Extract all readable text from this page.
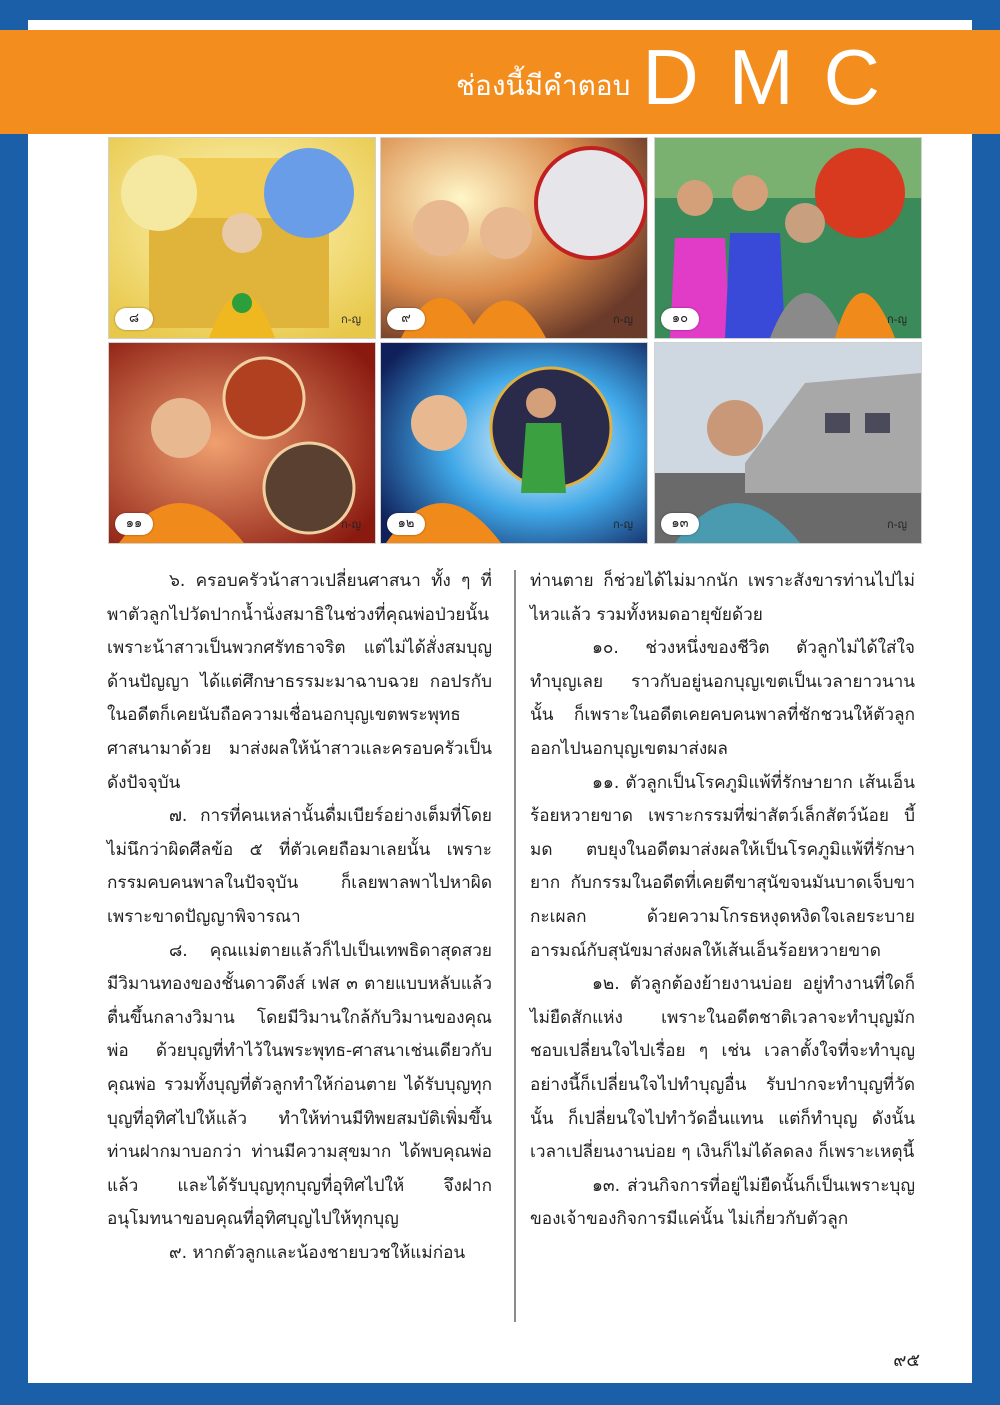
ช่องนี้มีคำตอบ DMC
๘	ก-ญ	๙	ก-ญ	๑๐	ก-ญ
๑๑	ก-ญ	๑๒	ก-ญ	๑๓	ก-ญ

๖. ครอบครัวน้าสาวเปลี่ยนศาสนา ทั้ง ๆ ที่พาตัวลูกไปวัดปากน้ำนั่งสมาธิในช่วงที่คุณพ่อป่วยนั้น เพราะน้าสาวเป็นพวกศรัทธาจริต แต่ไม่ได้สั่งสมบุญด้านปัญญา ได้แต่ศึกษาธรรมะมาฉาบฉวย กอปรกับในอดีตก็เคยนับถือความเชื่อนอกบุญเขตพระพุทธศาสนามาด้วย มาส่งผลให้น้าสาวและครอบครัวเป็นดังปัจจุบัน

๗. การที่คนเหล่านั้นดื่มเบียร์อย่างเต็มที่โดยไม่นึกว่าผิดศีลข้อ ๕ ที่ตัวเคยถือมาเลยนั้น เพราะกรรมคบคนพาลในปัจจุบัน ก็เลยพาลพาไปหาผิด เพราะขาดปัญญาพิจารณา

๘. คุณแม่ตายแล้วก็ไปเป็นเทพธิดาสุดสวย มีวิมานทองของชั้นดาวดึงส์ เฟส ๓ ตายแบบหลับแล้วตื่นขึ้นกลางวิมาน โดยมีวิมานใกล้กับวิมานของคุณพ่อ ด้วยบุญที่ทำไว้ในพระพุทธ-ศาสนาเช่นเดียวกับคุณพ่อ รวมทั้งบุญที่ตัวลูกทำให้ก่อนตาย ได้รับบุญทุกบุญที่อุทิศไปให้แล้ว ทำให้ท่านมีทิพยสมบัติเพิ่มขึ้น ท่านฝากมาบอกว่า ท่านมีความสุขมาก ได้พบคุณพ่อแล้ว และได้รับบุญทุกบุญที่อุทิศไปให้ จึงฝากอนุโมทนาขอบคุณที่อุทิศบุญไปให้ทุกบุญ

๙. หากตัวลูกและน้องชายบวชให้แม่ก่อน

ท่านตาย ก็ช่วยได้ไม่มากนัก เพราะสังขารท่านไปไม่ไหวแล้ว รวมทั้งหมดอายุขัยด้วย

๑๐. ช่วงหนึ่งของชีวิต ตัวลูกไม่ได้ใส่ใจทำบุญเลย ราวกับอยู่นอกบุญเขตเป็นเวลายาวนานนั้น ก็เพราะในอดีตเคยคบคนพาลที่ชักชวนให้ตัวลูกออกไปนอกบุญเขตมาส่งผล

๑๑. ตัวลูกเป็นโรคภูมิแพ้ที่รักษายาก เส้นเอ็นร้อยหวายขาด เพราะกรรมที่ฆ่าสัตว์เล็กสัตว์น้อย บี้มด ตบยุงในอดีตมาส่งผลให้เป็นโรคภูมิแพ้ที่รักษายาก กับกรรมในอดีตที่เคยตีขาสุนัขจนมันบาดเจ็บขากะเผลก ด้วยความโกรธหงุดหงิดใจเลยระบายอารมณ์กับสุนัขมาส่งผลให้เส้นเอ็นร้อยหวายขาด

๑๒. ตัวลูกต้องย้ายงานบ่อย อยู่ทำงานที่ใดก็ไม่ยืดสักแห่ง เพราะในอดีตชาติเวลาจะทำบุญมักชอบเปลี่ยนใจไปเรื่อย ๆ เช่น เวลาตั้งใจที่จะทำบุญอย่างนี้ก็เปลี่ยนใจไปทำบุญอื่น รับปากจะทำบุญที่วัดนั้น ก็เปลี่ยนใจไปทำวัดอื่นแทน แต่ก็ทำบุญ ดังนั้นเวลาเปลี่ยนงานบ่อย ๆ เงินก็ไม่ได้ลดลง ก็เพราะเหตุนี้

๑๓. ส่วนกิจการที่อยู่ไม่ยืดนั้นก็เป็นเพราะบุญของเจ้าของกิจการมีแค่นั้น ไม่เกี่ยวกับตัวลูก

๙๕
